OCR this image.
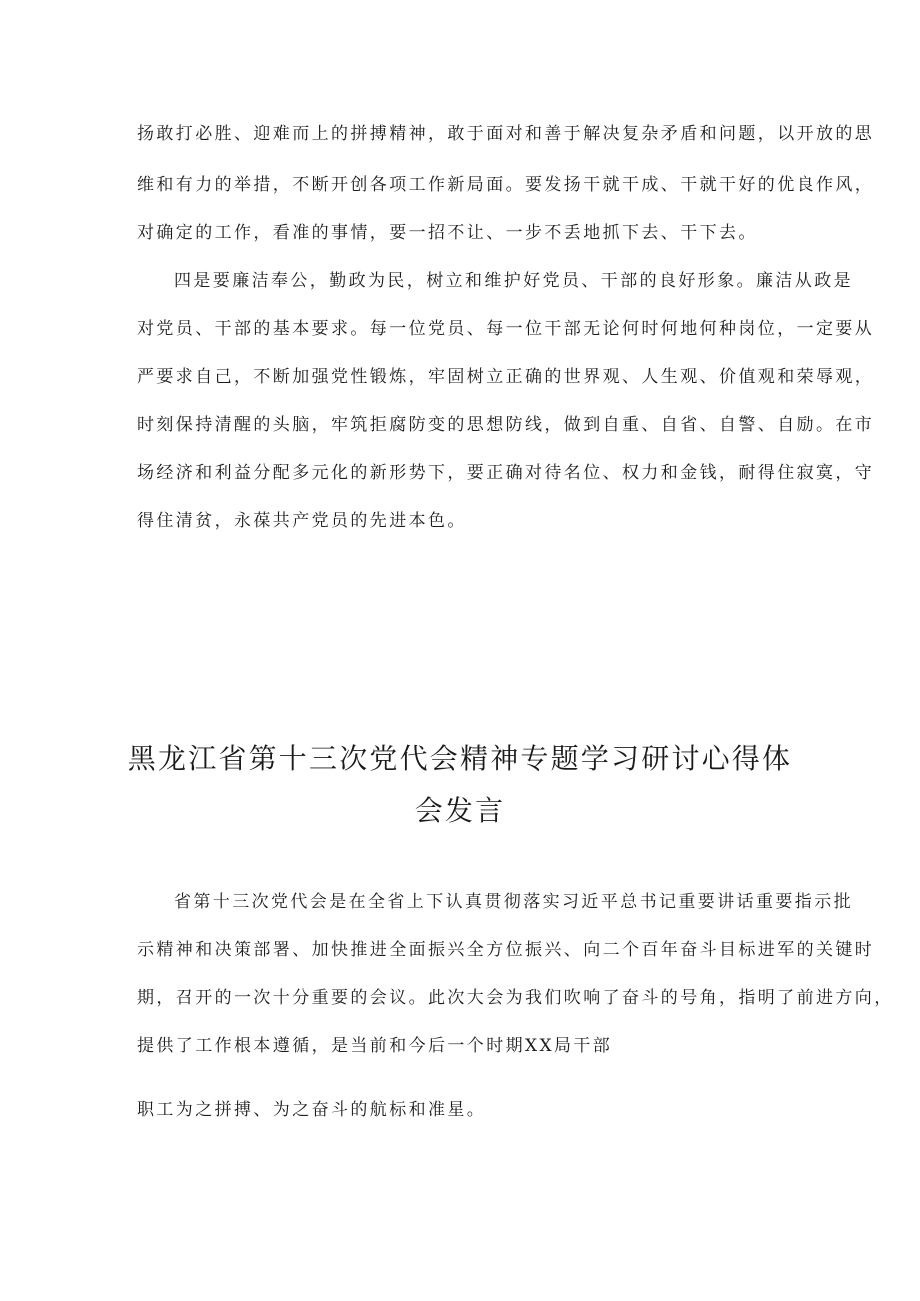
扬敢打必胜、迎难而上的拼搏精神，敢于面对和善于解决复杂矛盾和问题，以开放的思
维和有力的举措，不断开创各项工作新局面。要发扬干就干成、干就干好的优良作风，
对确定的工作，看准的事情，要一招不让、一步不丢地抓下去、干下去。
四是要廉洁奉公，勤政为民，树立和维护好党员、干部的良好形象。廉洁从政是
对党员、干部的基本要求。每一位党员、每一位干部无论何时何地何种岗位，一定要从
严要求自己，不断加强党性锻炼，牢固树立正确的世界观、人生观、价值观和荣辱观，
时刻保持清醒的头脑，牢筑拒腐防变的思想防线，做到自重、自省、自警、自励。在市
场经济和利益分配多元化的新形势下，要正确对待名位、权力和金钱，耐得住寂寞，守
得住清贫，永葆共产党员的先进本色。
黑龙江省第十三次党代会精神专题学习研讨心得体
会发言
省第十三次党代会是在全省上下认真贯彻落实习近平总书记重要讲话重要指示批
示精神和决策部署、加快推进全面振兴全方位振兴、向二个百年奋斗目标进军的关键时
期，召开的一次十分重要的会议。此次大会为我们吹响了奋斗的号角，指明了前进方向，
提供了工作根本遵循，是当前和今后一个时期XX局干部
职工为之拼搏、为之奋斗的航标和准星。
